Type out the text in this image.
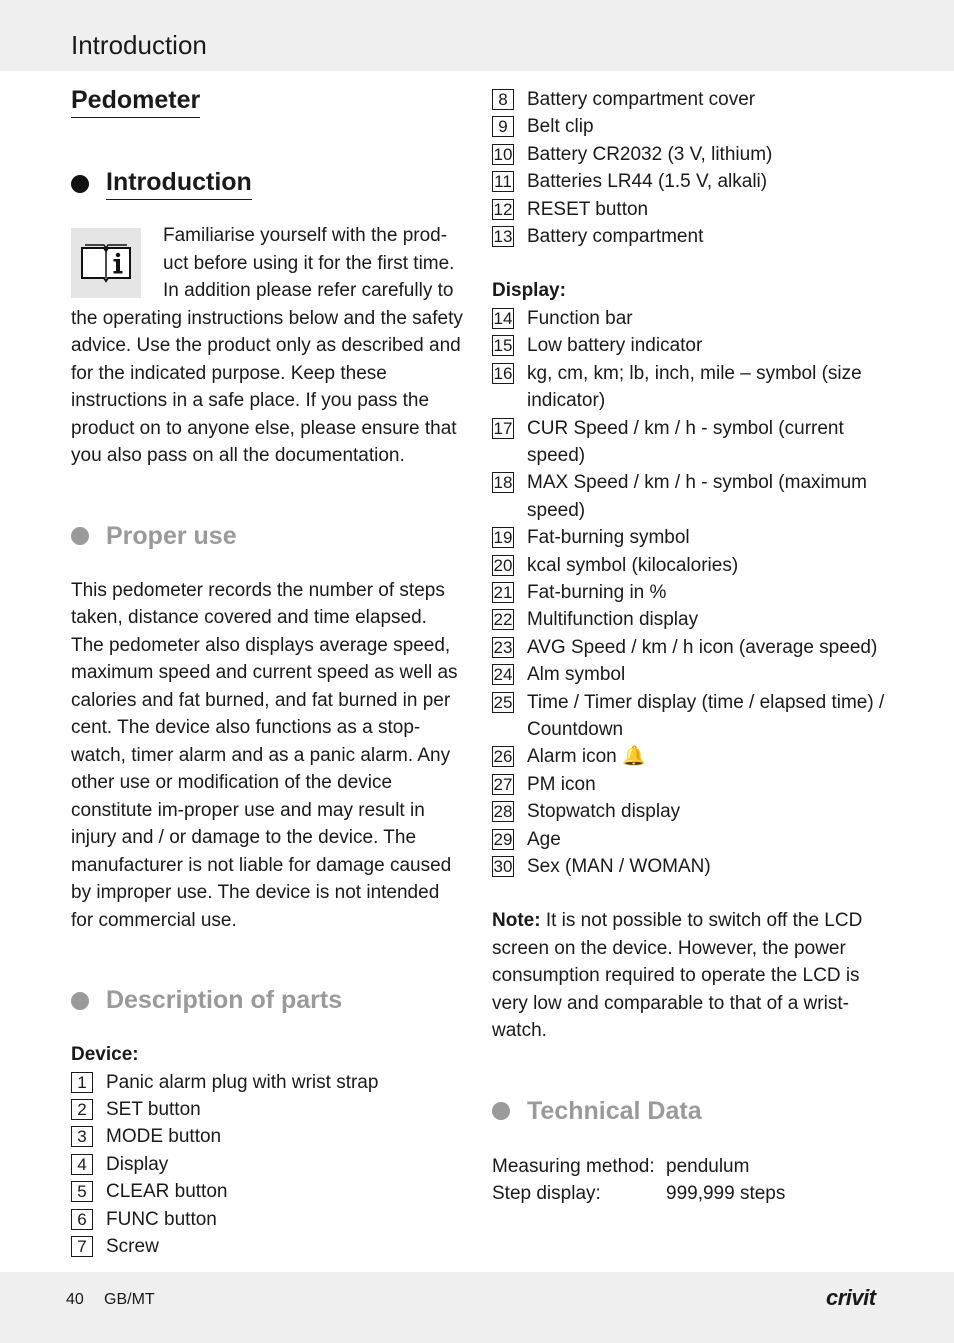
Introduction
Pedometer
Introduction

Familiarise yourself with the prod-uct before using it for the first time. In addition please refer carefully to the operating instructions below and the safety advice. Use the product only as described and for the indicated purpose. Keep these instructions in a safe place. If you pass the product on to anyone else, please ensure that you also pass on all the documentation.

Proper use

This pedometer records the number of steps taken, distance covered and time elapsed. The pedometer also displays average speed, maximum speed and current speed as well as calories and fat burned, and fat burned in per cent. The device also functions as a stop-watch, timer alarm and as a panic alarm. Any other use or modification of the device constitute im-proper use and may result in injury and / or damage to the device. The manufacturer is not liable for damage caused by improper use. The device is not intended for commercial use.

Description of parts
Device:
1	Panic alarm plug with wrist strap
2	SET button
3	MODE button
4	Display
5	CLEAR button
6	FUNC button
7	Screw
8	Battery compartment cover
9	Belt clip
10 Battery CR2032 (3 V, lithium)
11 Batteries LR44 (1.5 V, alkali)
12 RESET button
13 Battery compartment
Display:
14 Function bar
15 Low battery indicator
16 kg, cm, km; lb, inch, mile – symbol (size indicator)
17 CUR Speed / km / h - symbol (current speed)
18 MAX Speed / km / h - symbol (maximum speed)
19 Fat-burning symbol
20 kcal symbol (kilocalories)
21 Fat-burning in %
22 Multifunction display
23 AVG Speed / km / h icon (average speed)
24 Alm symbol
25 Time / Timer display (time / elapsed time) / Countdown
26 Alarm icon 🔔
27 PM icon
28 Stopwatch display
29 Age
30 Sex (MAN / WOMAN)

Note: It is not possible to switch off the LCD screen on the device. However, the power consumption required to operate the LCD is very low and comparable to that of a wrist-watch.

Technical Data
Measuring method: pendulum
Step display:	999,999 steps
40 GB/MT	crivit
